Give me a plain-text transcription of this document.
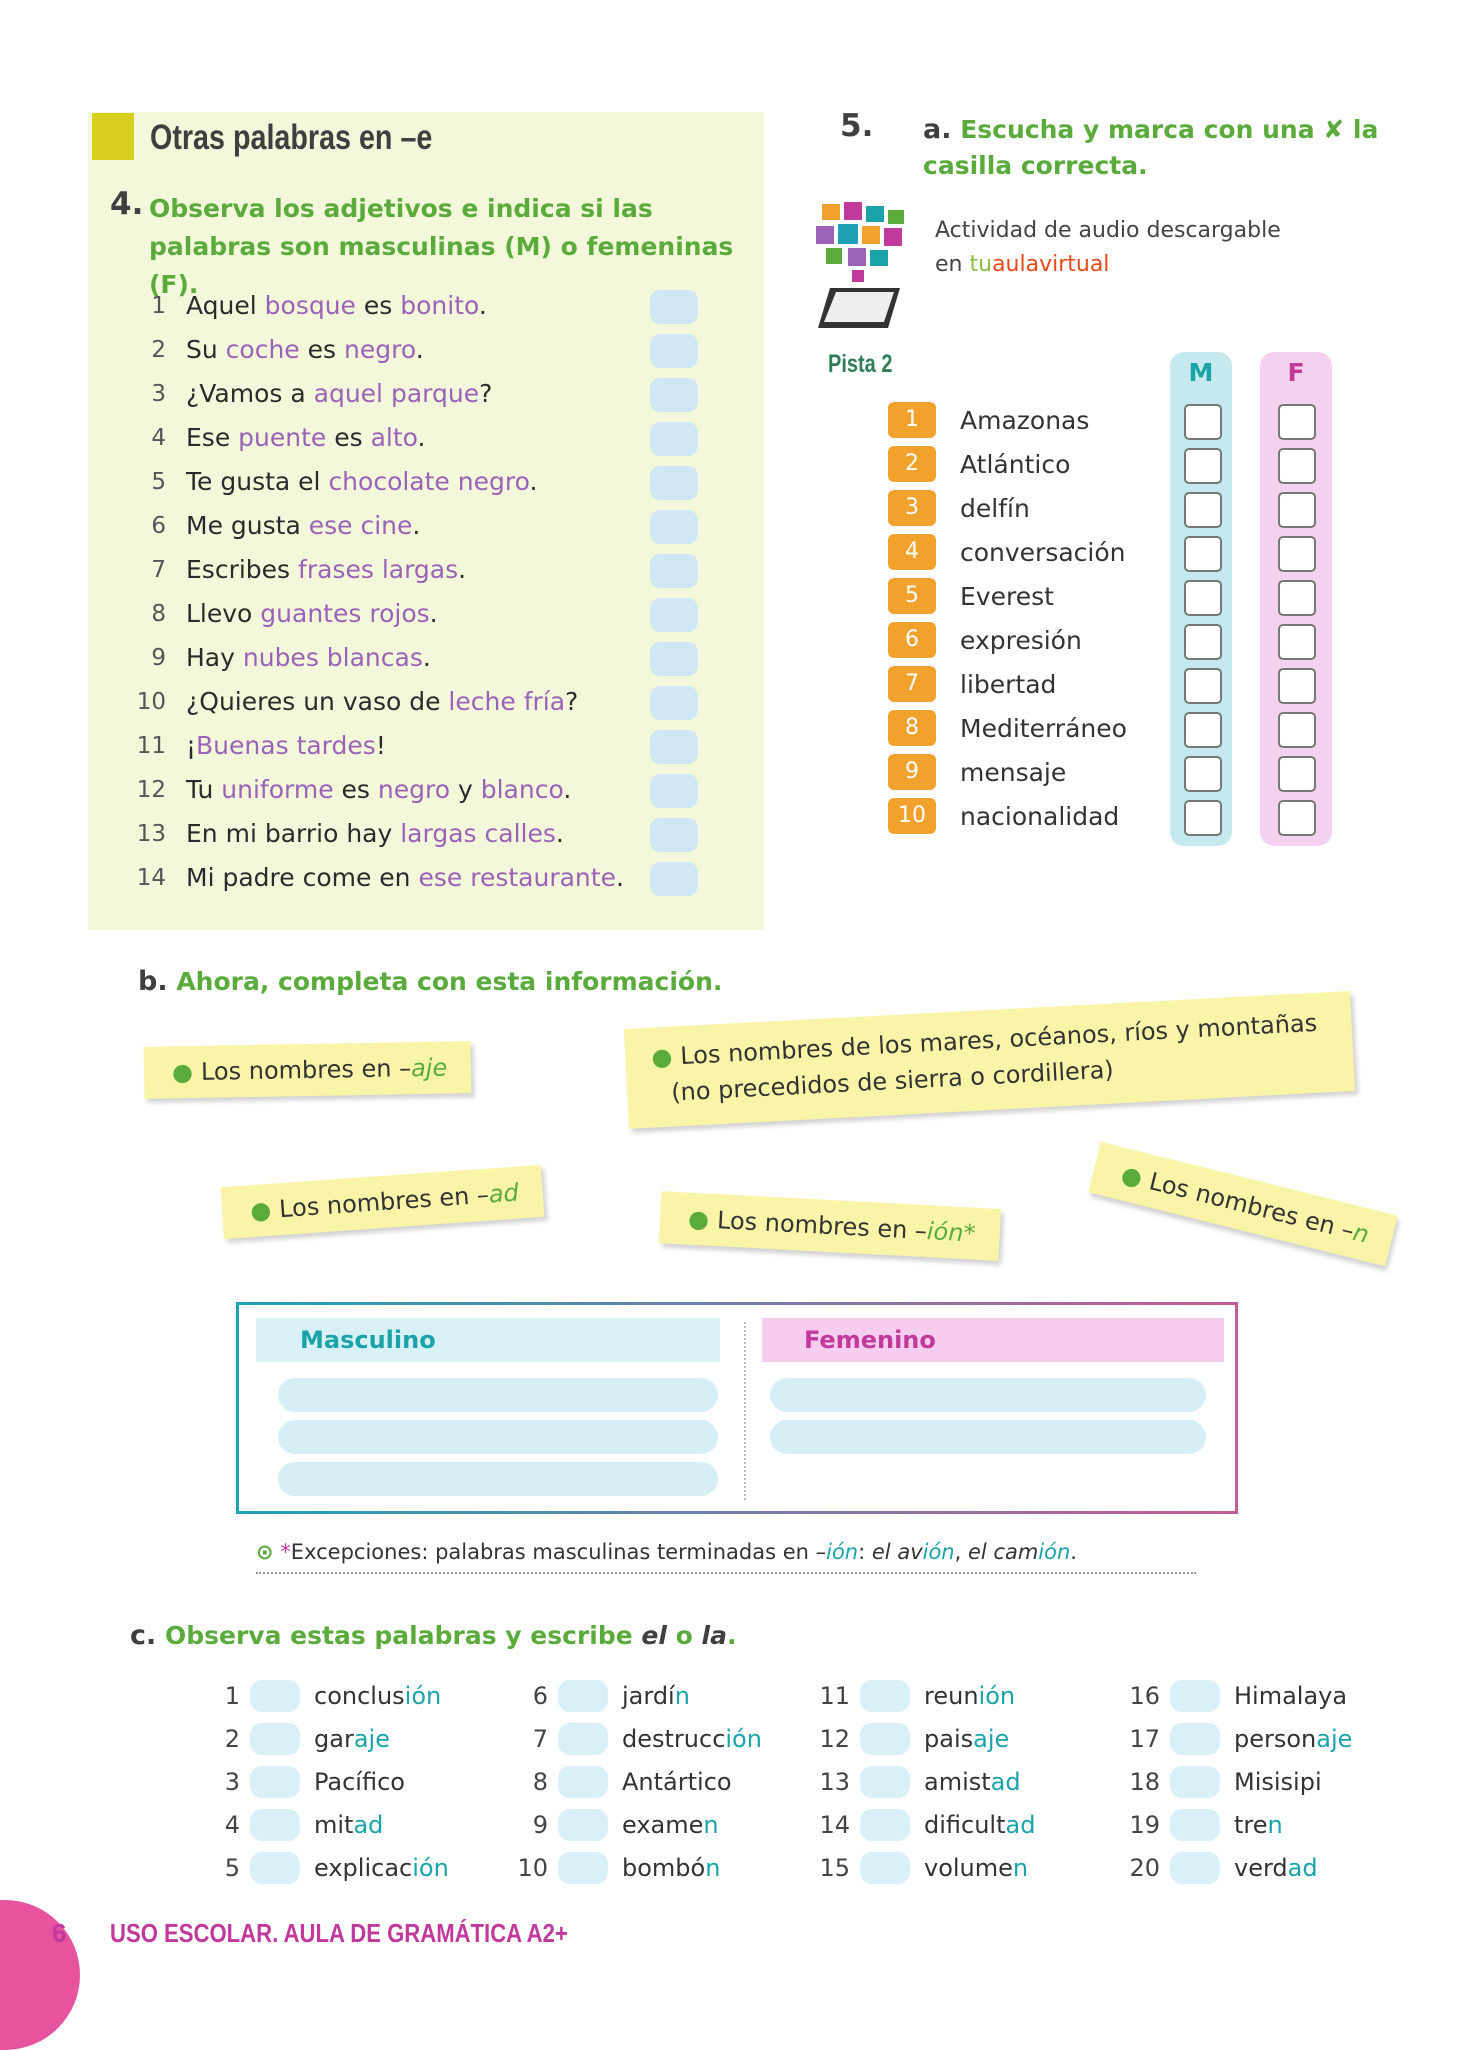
Otras palabras en –e
4. Observa los adjetivos e indica si las palabras son masculinas (M) o femeninas (F).
1 Aquel bosque es bonito.
2 Su coche es negro.
3 ¿Vamos a aquel parque?
4 Ese puente es alto.
5 Te gusta el chocolate negro.
6 Me gusta ese cine.
7 Escribes frases largas.
8 Llevo guantes rojos.
9 Hay nubes blancas.
10 ¿Quieres un vaso de leche fría?
11 ¡Buenas tardes!
12 Tu uniforme es negro y blanco.
13 En mi barrio hay largas calles.
14 Mi padre come en ese restaurante.
5. a. Escucha y marca con una ✘ la casilla correcta.
Actividad de audio descargable
en tuaulavirtual
Pista 2	M	F
1	Amazonas
2	Atlántico
3	delfín
4	conversación
5	Everest
6	expresión
7	libertad
8	Mediterráneo
9	mensaje
10	nacionalidad
b. Ahora, completa con esta información.
● Los nombres en –aje	● Los nombres de los mares, océanos, ríos y montañas
(no precedidos de sierra o cordillera)
● Los nombres en –ad
● Los nombres en –ión*
●Los nombres en –n
Masculino	Femenino
⊙ *Excepciones: palabras masculinas terminadas en –ión: el avión, el camión.
c. Observa estas palabras y escribe el o la.
1	conclusión
2	garaje
3	Pacífico
4	mitad
5	explicación
6	jardín
7	destrucción
8	Antártico
9	examen
10	bombón
11	reunión
12	paisaje
13	amistad
14	dificultad
15	volumen
16	Himalaya
17	personaje
18	Misisipi
19	tren
20	verdad
6 USO ESCOLAR. AULA DE GRAMÁTICA A2+
